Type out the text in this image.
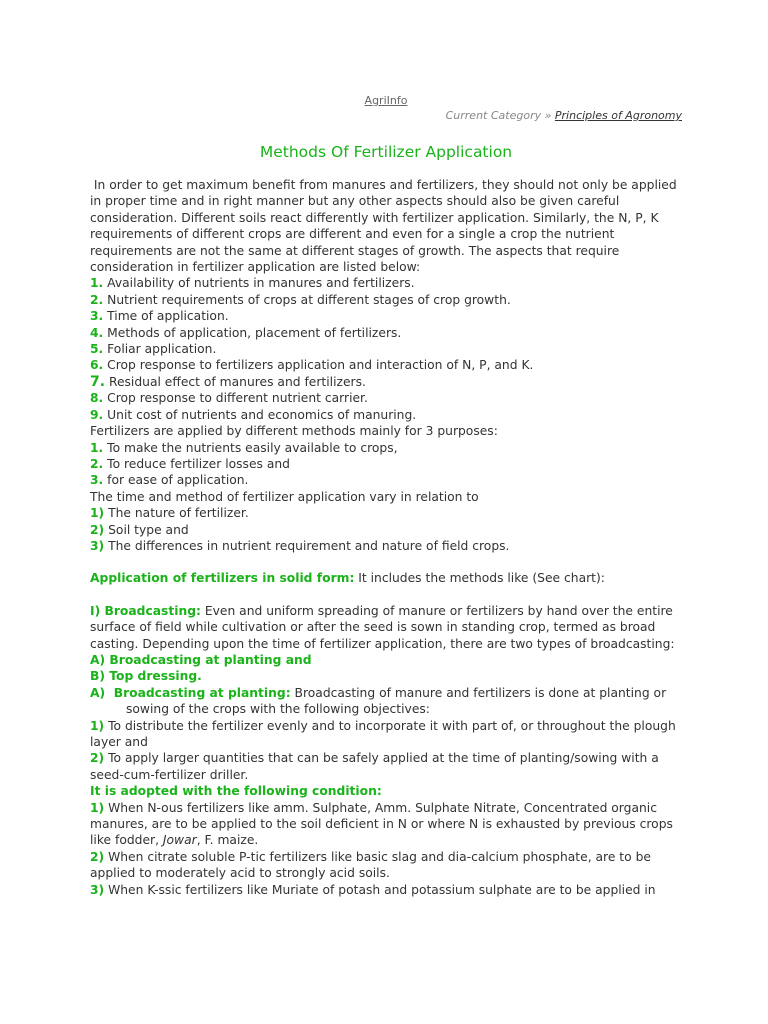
AgriInfo
Current Category » Principles of Agronomy
Methods Of Fertilizer Application

In order to get maximum benefit from manures and fertilizers, they should not only be applied in proper time and in right manner but any other aspects should also be given careful consideration. Different soils react differently with fertilizer application. Similarly, the N, P, K requirements of different crops are different and even for a single a crop the nutrient requirements are not the same at different stages of growth. The aspects that require consideration in fertilizer application are listed below:

1. Availability of nutrients in manures and fertilizers.

2. Nutrient requirements of crops at different stages of crop growth.

3. Time of application.

4. Methods of application, placement of fertilizers.

5. Foliar application.

6. Crop response to fertilizers application and interaction of N, P, and K.

7. Residual effect of manures and fertilizers.

8. Crop response to different nutrient carrier.

9. Unit cost of nutrients and economics of manuring.

Fertilizers are applied by different methods mainly for 3 purposes:

1. To make the nutrients easily available to crops,

2. To reduce fertilizer losses and

3. for ease of application.

The time and method of fertilizer application vary in relation to

1) The nature of fertilizer.

2) Soil type and

3) The differences in nutrient requirement and nature of field crops.

Application of fertilizers in solid form: It includes the methods like (See chart):

I) Broadcasting: Even and uniform spreading of manure or fertilizers by hand over the entire surface of field while cultivation or after the seed is sown in standing crop, termed as broad casting. Depending upon the time of fertilizer application, there are two types of broadcasting:

A) Broadcasting at planting and

B) Top dressing.

A)  Broadcasting at planting: Broadcasting of manure and fertilizers is done at planting orsowing of the crops with the following objectives:

1) To distribute the fertilizer evenly and to incorporate it with part of, or throughout the plough layer and

2) To apply larger quantities that can be safely applied at the time of planting/sowing with a seed-cum-fertilizer driller.

It is adopted with the following condition:

1) When N-ous fertilizers like amm. Sulphate, Amm. Sulphate Nitrate, Concentrated organic manures, are to be applied to the soil deficient in N or where N is exhausted by previous crops like fodder, Jowar, F. maize.

2) When citrate soluble P-tic fertilizers like basic slag and dia-calcium phosphate, are to be applied to moderately acid to strongly acid soils.

3) When K-ssic fertilizers like Muriate of potash and potassium sulphate are to be applied in
